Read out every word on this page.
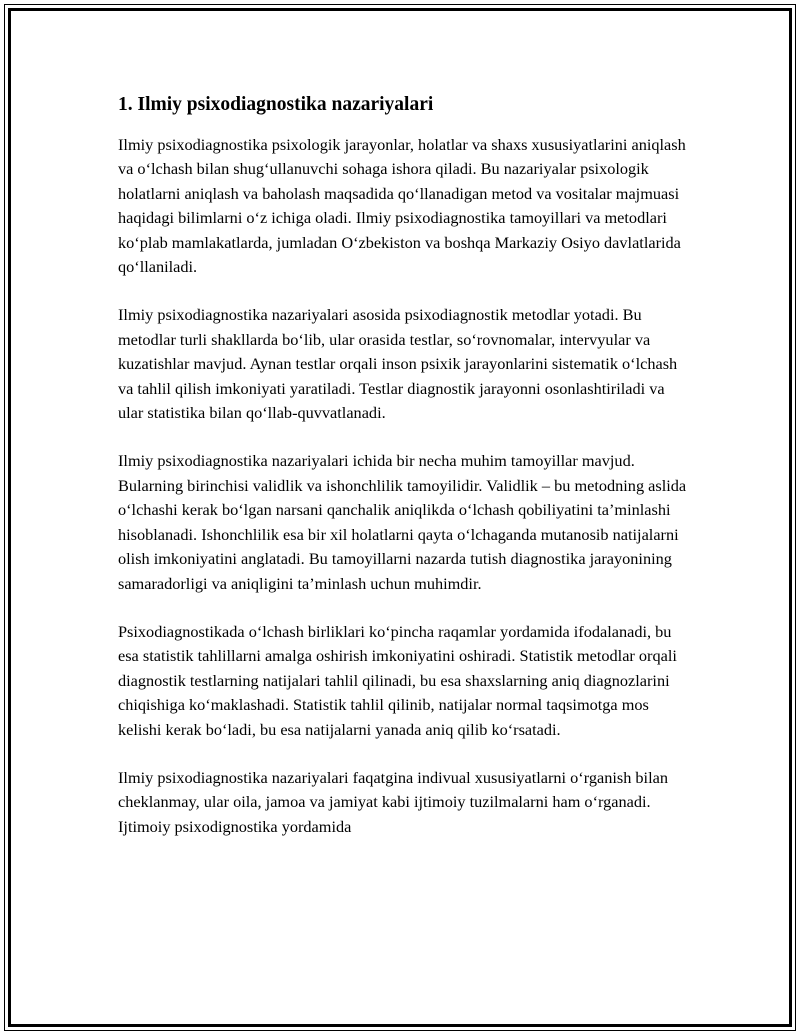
1. Ilmiy psixodiagnostika nazariyalari

Ilmiy psixodiagnostika psixologik jarayonlar, holatlar va shaxs xususiyatlarini aniqlash va o‘lchash bilan shug‘ullanuvchi sohaga ishora qiladi. Bu nazariyalar psixologik holatlarni aniqlash va baholash maqsadida qo‘llanadigan metod va vositalar majmuasi haqidagi bilimlarni o‘z ichiga oladi. Ilmiy psixodiagnostika tamoyillari va metodlari ko‘plab mamlakatlarda, jumladan O‘zbekiston va boshqa Markaziy Osiyo davlatlarida qo‘llaniladi.

Ilmiy psixodiagnostika nazariyalari asosida psixodiagnostik metodlar yotadi. Bu metodlar turli shakllarda bo‘lib, ular orasida testlar, so‘rovnomalar, intervyular va kuzatishlar mavjud. Aynan testlar orqali inson psixik jarayonlarini sistematik o‘lchash va tahlil qilish imkoniyati yaratiladi. Testlar diagnostik jarayonni osonlashtiriladi va ular statistika bilan qo‘llab-quvvatlanadi.

Ilmiy psixodiagnostika nazariyalari ichida bir necha muhim tamoyillar mavjud. Bularning birinchisi validlik va ishonchlilik tamoyilidir. Validlik – bu metodning aslida o‘lchashi kerak bo‘lgan narsani qanchalik aniqlikda o‘lchash qobiliyatini ta’minlashi hisoblanadi. Ishonchlilik esa bir xil holatlarni qayta o‘lchaganda mutanosib natijalarni olish imkoniyatini anglatadi. Bu tamoyillarni nazarda tutish diagnostika jarayonining samaradorligi va aniqligini ta’minlash uchun muhimdir.

Psixodiagnostikada o‘lchash birliklari ko‘pincha raqamlar yordamida ifodalanadi, bu esa statistik tahlillarni amalga oshirish imkoniyatini oshiradi. Statistik metodlar orqali diagnostik testlarning natijalari tahlil qilinadi, bu esa shaxslarning aniq diagnozlarini chiqishiga ko‘maklashadi. Statistik tahlil qilinib, natijalar normal taqsimotga mos kelishi kerak bo‘ladi, bu esa natijalarni yanada aniq qilib ko‘rsatadi.

Ilmiy psixodiagnostika nazariyalari faqatgina indivual xususiyatlarni o‘rganish bilan cheklanmay, ular oila, jamoa va jamiyat kabi ijtimoiy tuzilmalarni ham o‘rganadi. Ijtimoiy psixodignostika yordamida
